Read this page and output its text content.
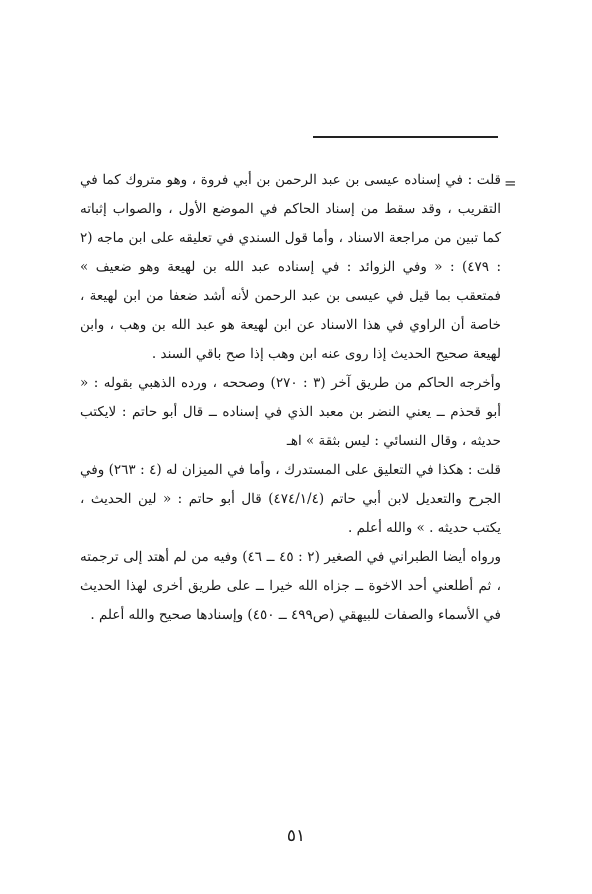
=

قلت : في إسناده عيسى بن عبد الرحمن بن أبي فروة ، وهو متروك كما في التقريب ، وقد سقط من إسناد الحاكم في الموضع الأول ، والصواب إثباته كما تبين من مراجعة الاسناد ، وأما قول السندي في تعليقه على ابن ماجه (٢ : ٤٧٩) : « وفي الزوائد : في إسناده عبد الله بن لهيعة وهو ضعيف » فمتعقب بما قيل في عيسى بن عبد الرحمن لأنه أشد ضعفا من ابن لهيعة ، خاصة أن الراوي في هذا الاسناد عن ابن لهيعة هو عبد الله بن وهب ، وابن لهيعة صحيح الحديث إذا روى عنه ابن وهب إذا صح باقي السند .

وأخرجه الحاكم من طريق آخر (٣ : ٢٧٠) وصححه ، ورده الذهبي بقوله : « أبو قحذم ــ يعني النضر بن معبد الذي في إسناده ــ قال أبو حاتم : لايكتب حديثه ، وقال النسائي : ليس بثقة » اهـ

قلت : هكذا في التعليق على المستدرك ، وأما في الميزان له (٤ : ٢٦٣) وفي الجرح والتعديل لابن أبي حاتم (٤٧٤/١/٤) قال أبو حاتم : « لين الحديث ، يكتب حديثه . » والله أعلم .

ورواه أيضا الطبراني في الصغير (٢ : ٤٥ ــ ٤٦) وفيه من لم أهتد إلى ترجمته ، ثم أطلعني أحد الاخوة ــ جزاه الله خيرا ــ على طريق أخرى لهذا الحديث في الأسماء والصفات للبيهقي (ص٤٩٩ ــ ٤٥٠) وإسنادها صحيح والله أعلم .

٥١
